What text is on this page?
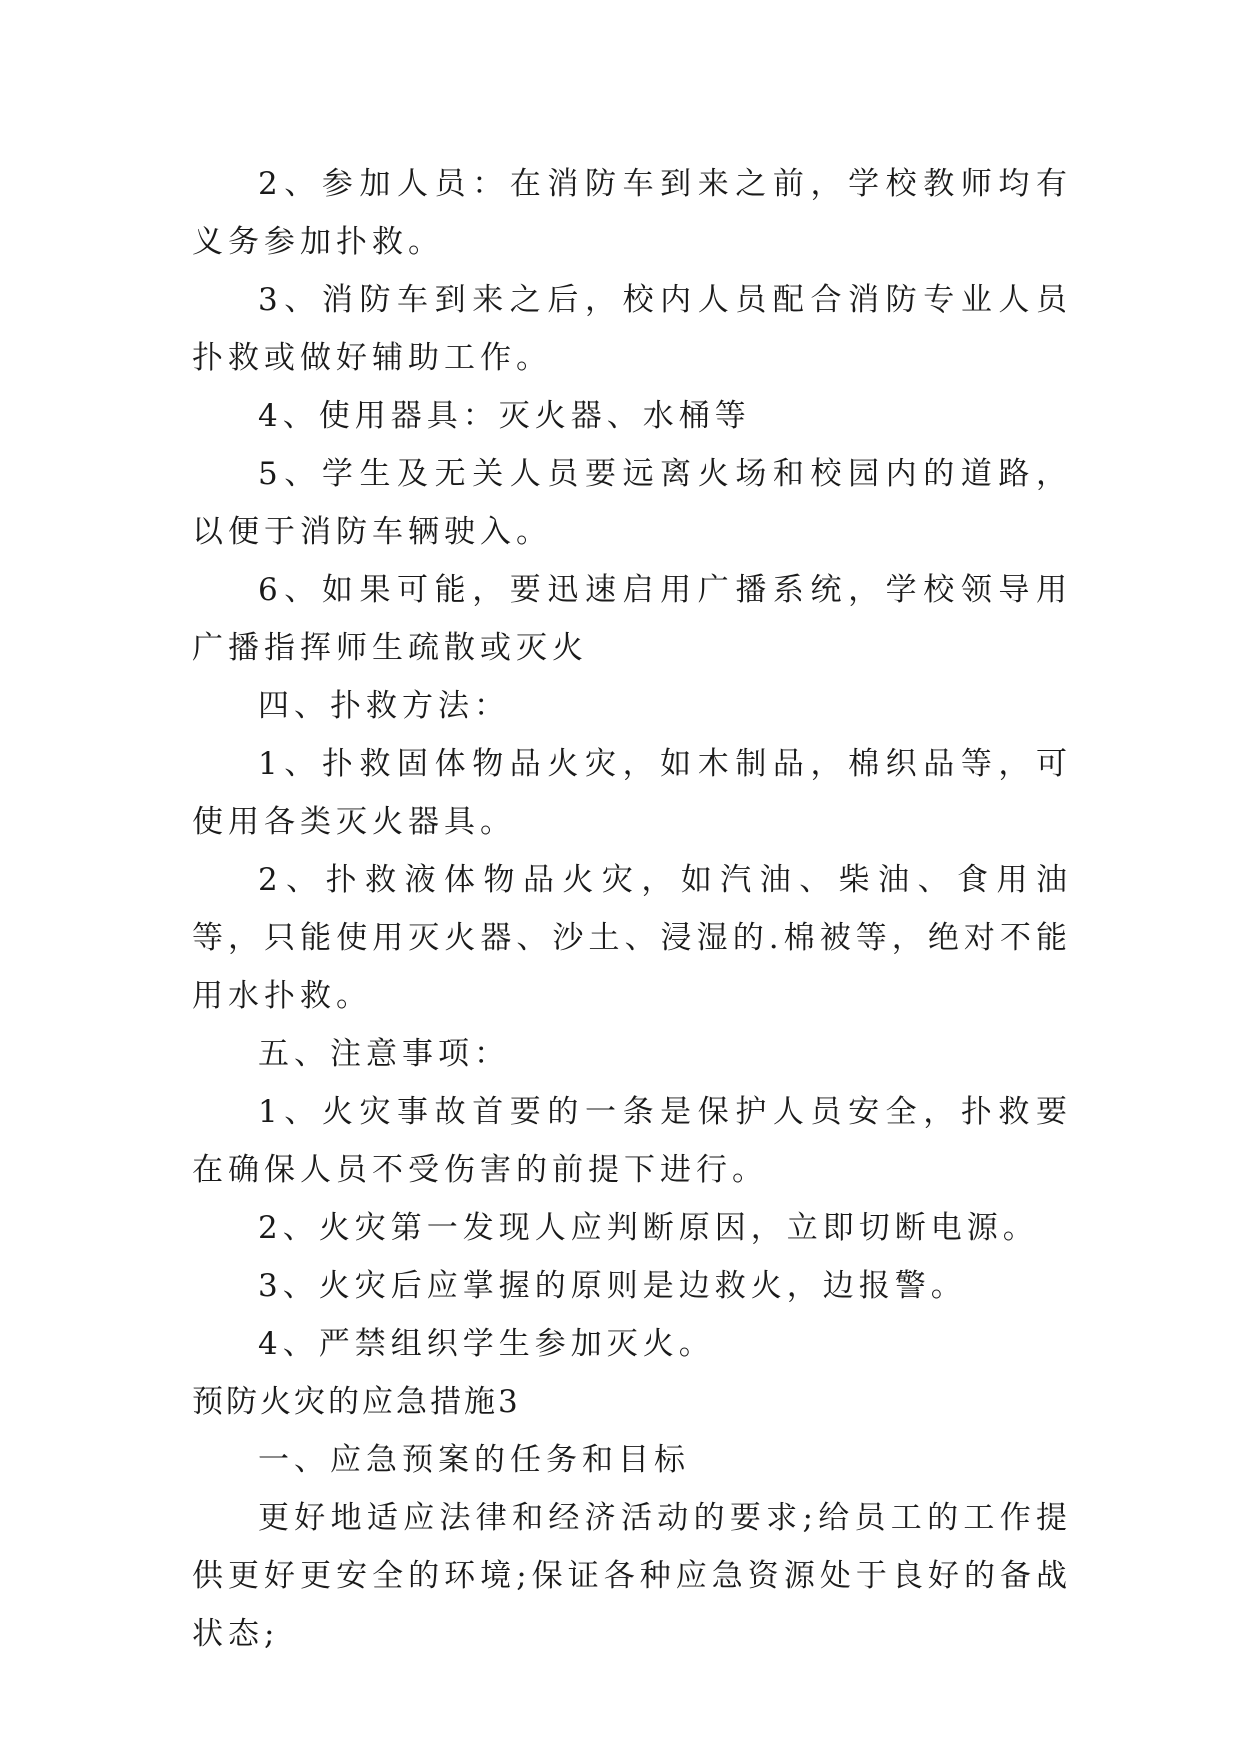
2、参加人员：在消防车到来之前，学校教师均有义务参加扑救。

3、消防车到来之后，校内人员配合消防专业人员扑救或做好辅助工作。

4、使用器具：灭火器、水桶等

5、学生及无关人员要远离火场和校园内的道路，以便于消防车辆驶入。

6、如果可能，要迅速启用广播系统，学校领导用广播指挥师生疏散或灭火

四、扑救方法：

1、扑救固体物品火灾，如木制品，棉织品等，可使用各类灭火器具。

2、扑救液体物品火灾，如汽油、柴油、食用油等，只能使用灭火器、沙土、浸湿的.棉被等，绝对不能用水扑救。

五、注意事项：

1、火灾事故首要的一条是保护人员安全，扑救要在确保人员不受伤害的前提下进行。

2、火灾第一发现人应判断原因，立即切断电源。

3、火灾后应掌握的原则是边救火，边报警。

4、严禁组织学生参加灭火。

预防火灾的应急措施3

一、应急预案的任务和目标

更好地适应法律和经济活动的要求;给员工的工作提供更好更安全的环境;保证各种应急资源处于良好的备战状态;
